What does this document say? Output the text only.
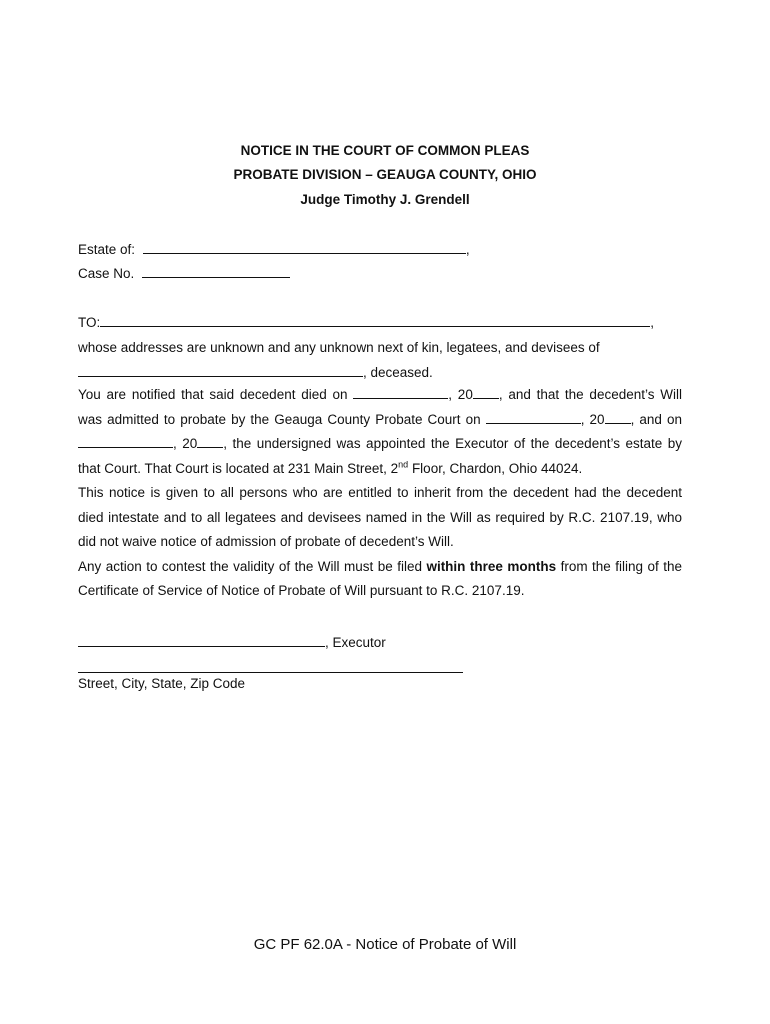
NOTICE IN THE COURT OF COMMON PLEAS
PROBATE DIVISION – GEAUGA COUNTY, OHIO
Judge Timothy J. Grendell
Estate of:	,
Case No.
TO:	,
whose addresses are unknown and any unknown next of kin, legatees, and devisees of
, deceased.
You are notified that said decedent died on	, 20 , and that the decedent’s Will
was admitted to probate by the Geauga County Probate Court on	, 20 , and on
, 20 , the undersigned was appointed the Executor of the decedent’s estate by
that Court. That Court is located at 231 Main Street, 2nd Floor, Chardon, Ohio 44024.
This notice is given to all persons who are entitled to inherit from the decedent had the decedent
died intestate and to all legatees and devisees named in the Will as required by R.C. 2107.19, who
did not waive notice of admission of probate of decedent’s Will.
Any action to contest the validity of the Will must be filed within three months from the filing of the
Certificate of Service of Notice of Probate of Will pursuant to R.C. 2107.19.
, Executor
Street, City, State, Zip Code
GC PF 62.0A - Notice of Probate of Will
